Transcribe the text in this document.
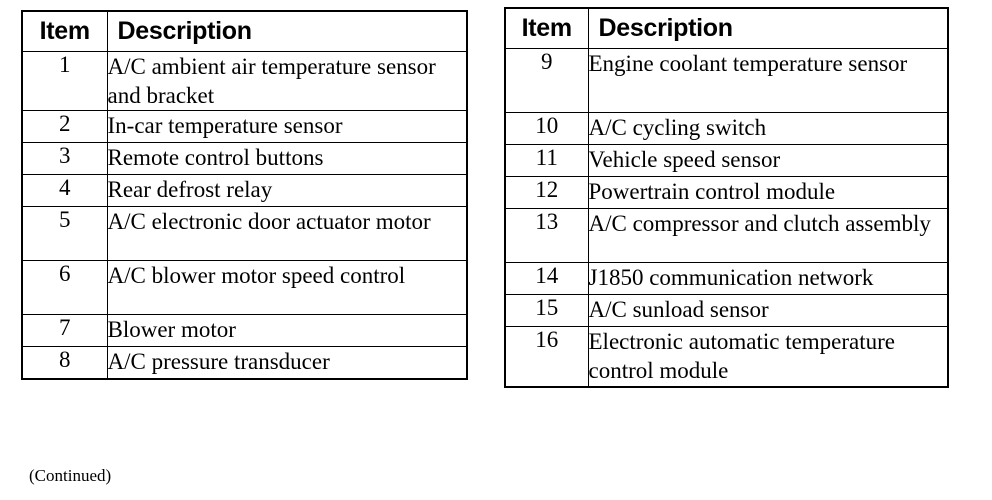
Item	Description
1	A/C ambient air temperature sensor and bracket
2	In-car temperature sensor
3	Remote control buttons
4	Rear defrost relay
5	A/C electronic door actuator motor
6	A/C blower motor speed control
7	Blower motor
8	A/C pressure transducer
Item	Description
9	Engine coolant temperature sensor
10	A/C cycling switch
11	Vehicle speed sensor
12	Powertrain control module
13	A/C compressor and clutch assembly
14	J1850 communication network
15	A/C sunload sensor
16	Electronic automatic temperature control module
(Continued)
